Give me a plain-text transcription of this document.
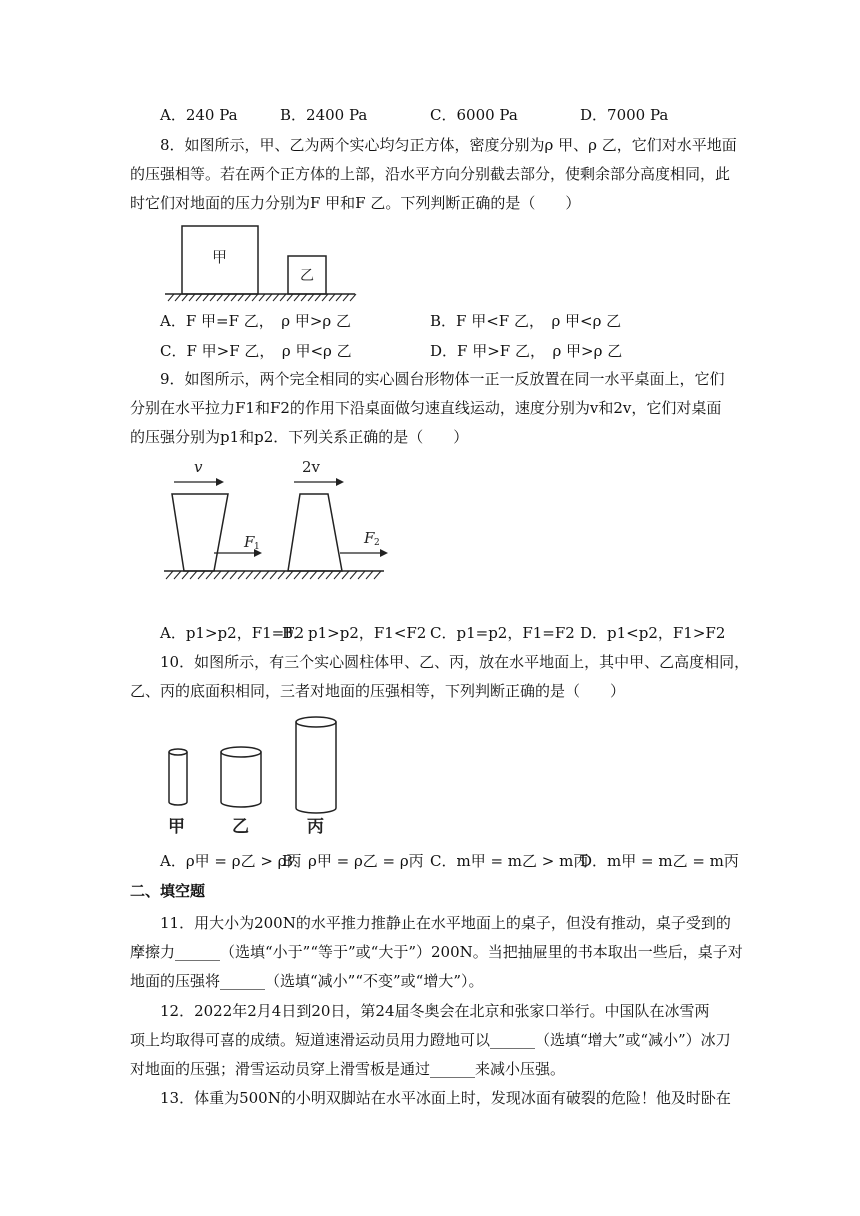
A．240 Pa	B．2400 Pa	C．6000 Pa	D．7000 Pa
8．如图所示，甲、乙为两个实心均匀正方体，密度分别为ρ 甲、ρ 乙，它们对水平地面
的压强相等。若在两个正方体的上部，沿水平方向分别截去部分，使剩余部分高度相同，此
时它们对地面的压力分别为F 甲和F 乙。下列判断正确的是（　　）
甲
乙
A．F 甲=F 乙，　ρ 甲>ρ 乙	B．F 甲<F 乙，　ρ 甲<ρ 乙
C．F 甲>F 乙，　ρ 甲<ρ 乙	D．F 甲>F 乙，　ρ 甲>ρ 乙
9．如图所示，两个完全相同的实心圆台形物体一正一反放置在同一水平桌面上，它们
分别在水平拉力F1和F2的作用下沿桌面做匀速直线运动，速度分别为v和2v，它们对桌面
的压强分别为p1和p2．下列关系正确的是（　　）
v	2v
F 1	F 2
A．p1>p2，F1=F2
B．p1>p2，F1<F2 C．p1=p2，F1=F2 D．p1<p2，F1>F2
10．如图所示，有三个实心圆柱体甲、乙、丙，放在水平地面上，其中甲、乙高度相同，
乙、丙的底面积相同，三者对地面的压强相等，下列判断正确的是（　　）
甲	乙	丙
A．ρ甲 = ρ乙 > ρ丙
B．ρ甲 = ρ乙 = ρ丙 C．m甲 = m乙 > m丙
D．m甲 = m乙 = m丙
二、填空题
11．用大小为200N的水平推力推静止在水平地面上的桌子，但没有推动，桌子受到的
摩擦力______（选填“小于”“等于”或“大于”）200N。当把抽屉里的书本取出一些后，桌子对
地面的压强将______（选填“减小”“不变”或“增大”）。
12．2022年2月4日到20日，第24届冬奥会在北京和张家口举行。中国队在冰雪两
项上均取得可喜的成绩。短道速滑运动员用力蹬地可以______（选填“增大”或“减小”）冰刀
对地面的压强；滑雪运动员穿上滑雪板是通过______来减小压强。
13．体重为500N的小明双脚站在水平冰面上时，发现冰面有破裂的危险！他及时卧在
